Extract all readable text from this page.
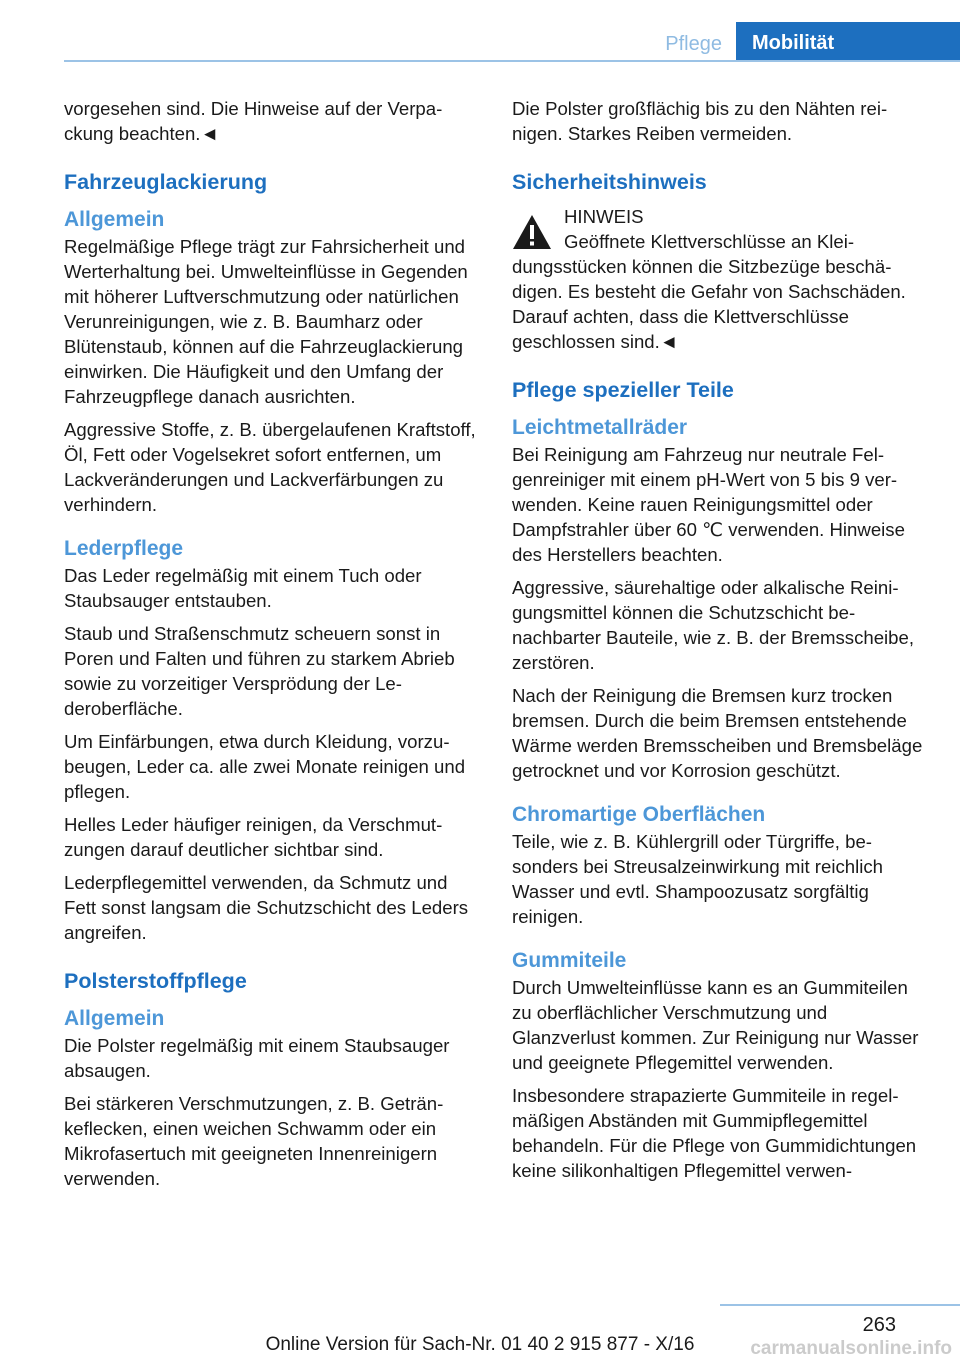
Pflege	Mobilität

vorgesehen sind. Die Hinweise auf der Verpackung beachten.◄

Fahrzeuglackierung
Allgemein

Regelmäßige Pflege trägt zur Fahrsicherheit und Werterhaltung bei. Umwelteinflüsse in Gegenden mit höherer Luftverschmutzung oder natürlichen Verunreinigungen, wie z. B. Baumharz oder Blütenstaub, können auf die Fahrzeuglackierung einwirken. Die Häufigkeit und den Umfang der Fahrzeugpflege danach ausrichten.

Aggressive Stoffe, z. B. übergelaufenen Kraftstoff, Öl, Fett oder Vogelsekret sofort entfernen, um Lackveränderungen und Lackverfärbungen zu verhindern.

Lederpflege

Das Leder regelmäßig mit einem Tuch oder Staubsauger entstauben.

Staub und Straßenschmutz scheuern sonst in Poren und Falten und führen zu starkem Abrieb sowie zu vorzeitiger Versprödung der Lederoberfläche.

Um Einfärbungen, etwa durch Kleidung, vorzubeugen, Leder ca. alle zwei Monate reinigen und pflegen.

Helles Leder häufiger reinigen, da Verschmutzungen darauf deutlicher sichtbar sind.

Lederpflegemittel verwenden, da Schmutz und Fett sonst langsam die Schutzschicht des Leders angreifen.

Polsterstoffpflege
Allgemein

Die Polster regelmäßig mit einem Staubsauger absaugen.

Bei stärkeren Verschmutzungen, z. B. Getränkeflecken, einen weichen Schwamm oder ein Mikrofasertuch mit geeigneten Innenreinigern verwenden.

Die Polster großflächig bis zu den Nähten reinigen. Starkes Reiben vermeiden.

Sicherheitshinweis

HINWEIS

Geöffnete Klettverschlüsse an Kleidungsstücken können die Sitzbezüge beschädigen. Es besteht die Gefahr von Sachschäden. Darauf achten, dass die Klettverschlüsse geschlossen sind.◄

Pflege spezieller Teile
Leichtmetallräder

Bei Reinigung am Fahrzeug nur neutrale Felgenreiniger mit einem pH-Wert von 5 bis 9 verwenden. Keine rauen Reinigungsmittel oder Dampfstrahler über 60 ℃ verwenden. Hinweise des Herstellers beachten.

Aggressive, säurehaltige oder alkalische Reinigungsmittel können die Schutzschicht benachbarter Bauteile, wie z. B. der Bremsscheibe, zerstören.

Nach der Reinigung die Bremsen kurz trocken bremsen. Durch die beim Bremsen entstehende Wärme werden Bremsscheiben und Bremsbeläge getrocknet und vor Korrosion geschützt.

Chromartige Oberflächen

Teile, wie z. B. Kühlergrill oder Türgriffe, besonders bei Streusalzeinwirkung mit reichlich Wasser und evtl. Shampoozusatz sorgfältig reinigen.

Gummiteile

Durch Umwelteinflüsse kann es an Gummiteilen zu oberflächlicher Verschmutzung und Glanzverlust kommen. Zur Reinigung nur Wasser und geeignete Pflegemittel verwenden.

Insbesondere strapazierte Gummiteile in regelmäßigen Abständen mit Gummipflegemittel behandeln. Für die Pflege von Gummidichtungen keine silikonhaltigen Pflegemittel verwen-

263
Online Version für Sach-Nr. 01 40 2 915 877 - X/16	carmanualsonline.info
